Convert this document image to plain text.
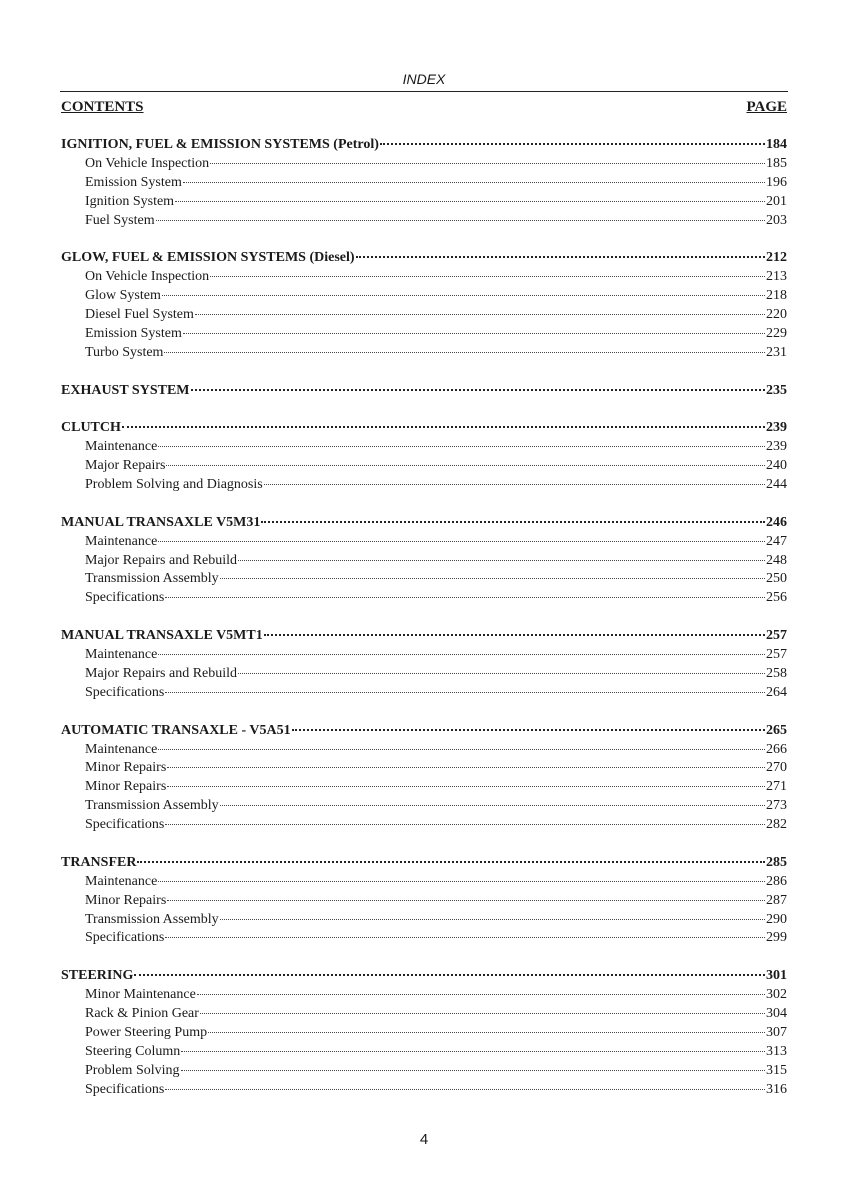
INDEX
CONTENTS	PAGE
IGNITION, FUEL & EMISSION SYSTEMS (Petrol)	184
On Vehicle Inspection	185
Emission System	196
Ignition System	201
Fuel System	203
GLOW, FUEL & EMISSION SYSTEMS (Diesel)	212
On Vehicle Inspection	213
Glow System	218
Diesel Fuel System	220
Emission System	229
Turbo System	231
EXHAUST SYSTEM	235
CLUTCH	239
Maintenance	239
Major Repairs	240
Problem Solving and Diagnosis	244
MANUAL TRANSAXLE V5M31	246
Maintenance	247
Major Repairs and Rebuild	248
Transmission Assembly	250
Specifications	256
MANUAL TRANSAXLE V5MT1	257
Maintenance	257
Major Repairs and Rebuild	258
Specifications	264
AUTOMATIC TRANSAXLE - V5A51	265
Maintenance	266
Minor Repairs	270
Minor Repairs	271
Transmission Assembly	273
Specifications	282
TRANSFER	285
Maintenance	286
Minor Repairs	287
Transmission Assembly	290
Specifications	299
STEERING	301
Minor Maintenance	302
Rack & Pinion Gear	304
Power Steering Pump	307
Steering Column	313
Problem Solving	315
Specifications	316
4
